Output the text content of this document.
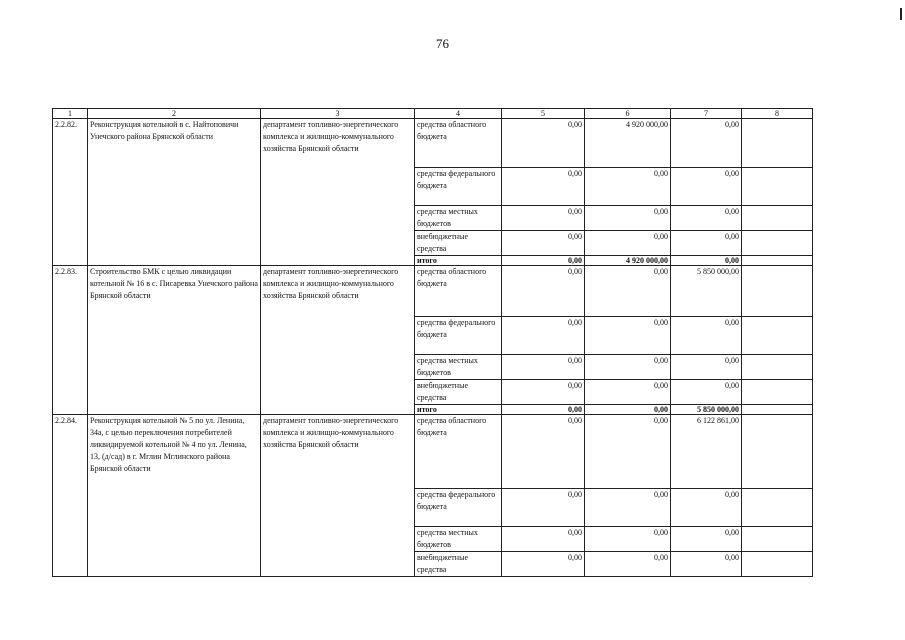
76
1	2	3	4	5	6	7	8
2.2.82.	Реконструкция котельной в с. Найтоповичи Унечского района Брянской области	департамент топливно-энергетического комплекса и жилищно-коммунального хозяйства Брянской области	средства областного бюджета	0,00	4 920 000,00	0,00	
			средства федерального бюджета	0,00	0,00	0,00	
			средства местных бюджетов	0,00	0,00	0,00	
			внебюджетные средства	0,00	0,00	0,00	
			итого	0,00	4 920 000,00	0,00	
2.2.83.	Строительство БМК с целью ликвидации котельной № 16 в с. Писаревка Унечского района Брянской области	департамент топливно-энергетического комплекса и жилищно-коммунального хозяйства Брянской области	средства областного бюджета	0,00	0,00	5 850 000,00	
			средства федерального бюджета	0,00	0,00	0,00	
			средства местных бюджетов	0,00	0,00	0,00	
			внебюджетные средства	0,00	0,00	0,00	
			итого	0,00	0,00	5 850 000,00	
2.2.84.	Реконструкция котельной № 5 по ул. Ленина, 34а, с целью переключения потребителей ликвидируемой котельной № 4 по ул. Ленина, 13, (д/сад) в г. Мглин Мглинского района Брянской области	департамент топливно-энергетического комплекса и жилищно-коммунального хозяйства Брянской области	средства областного бюджета	0,00	0,00	6 122 861,00	
			средства федерального бюджета	0,00	0,00	0,00	
			средства местных бюджетов	0,00	0,00	0,00	
			внебюджетные средства	0,00	0,00	0,00	
